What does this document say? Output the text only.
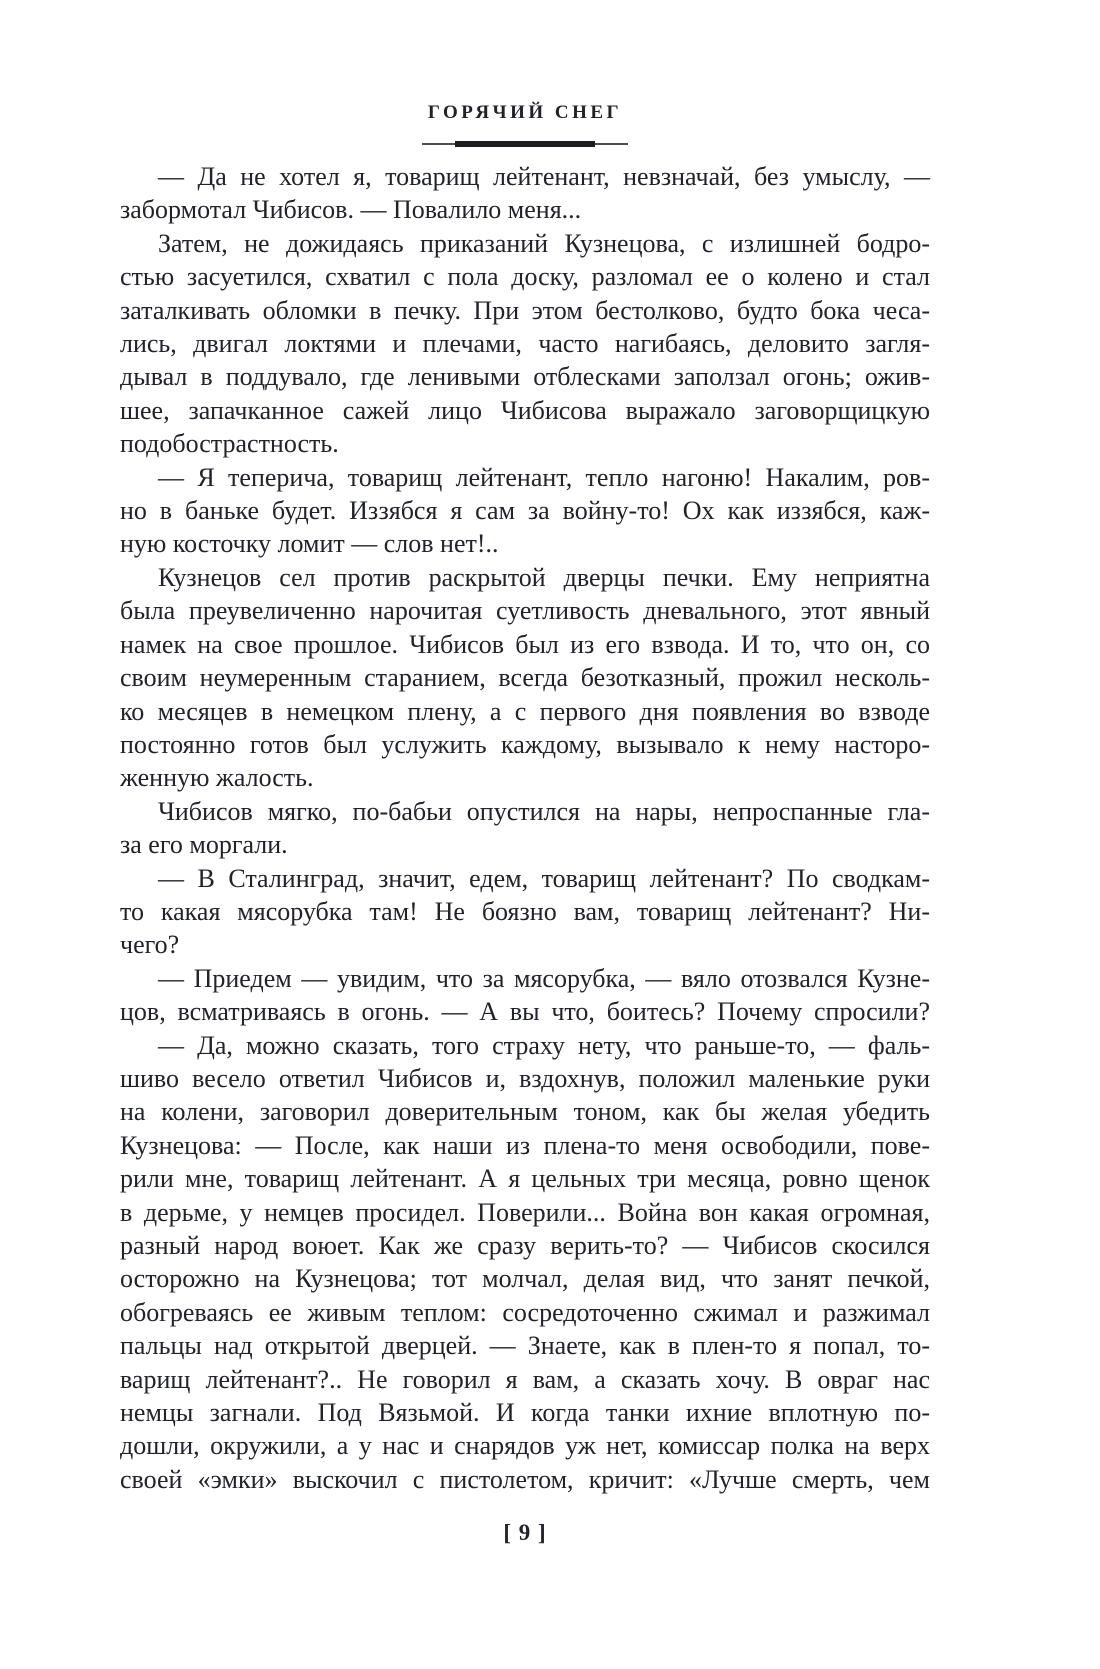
ГОРЯЧИЙ СНЕГ
— Да не хотел я, товарищ лейтенант, невзначай, без умыслу, —
забормотал Чибисов. — Повалило меня...
Затем, не дожидаясь приказаний Кузнецова, с излишней бодро-
стью засуетился, схватил с пола доску, разломал ее о колено и стал
заталкивать обломки в печку. При этом бестолково, будто бока чеса-
лись, двигал локтями и плечами, часто нагибаясь, деловито загля-
дывал в поддувало, где ленивыми отблесками заползал огонь; ожив-
шее, запачканное сажей лицо Чибисова выражало заговорщицкую
подобострастность.
— Я теперича, товарищ лейтенант, тепло нагоню! Накалим, ров-
но в баньке будет. Иззябся я сам за войну-то! Ох как иззябся, каж-
ную косточку ломит — слов нет!..
Кузнецов сел против раскрытой дверцы печки. Ему неприятна
была преувеличенно нарочитая суетливость дневального, этот явный
намек на свое прошлое. Чибисов был из его взвода. И то, что он, со
своим неумеренным старанием, всегда безотказный, прожил несколь-
ко месяцев в немецком плену, а с первого дня появления во взводе
постоянно готов был услужить каждому, вызывало к нему насторо-
женную жалость.
Чибисов мягко, по-бабьи опустился на нары, непроспанные гла-
за его моргали.
— В Сталинград, значит, едем, товарищ лейтенант? По сводкам-
то какая мясорубка там! Не боязно вам, товарищ лейтенант? Ни-
чего?
— Приедем — увидим, что за мясорубка, — вяло отозвался Кузне-
цов, всматриваясь в огонь. — А вы что, боитесь? Почему спросили?
— Да, можно сказать, того страху нету, что раньше-то, — фаль-
шиво весело ответил Чибисов и, вздохнув, положил маленькие руки
на колени, заговорил доверительным тоном, как бы желая убедить
Кузнецова: — После, как наши из плена-то меня освободили, пове-
рили мне, товарищ лейтенант. А я цельных три месяца, ровно щенок
в дерьме, у немцев просидел. Поверили... Война вон какая огромная,
разный народ воюет. Как же сразу верить-то? — Чибисов скосился
осторожно на Кузнецова; тот молчал, делая вид, что занят печкой,
обогреваясь ее живым теплом: сосредоточенно сжимал и разжимал
пальцы над открытой дверцей. — Знаете, как в плен-то я попал, то-
варищ лейтенант?.. Не говорил я вам, а сказать хочу. В овраг нас
немцы загнали. Под Вязьмой. И когда танки ихние вплотную по-
дошли, окружили, а у нас и снарядов уж нет, комиссар полка на верх
своей «эмки» выскочил с пистолетом, кричит: «Лучше смерть, чем
[ 9 ]
